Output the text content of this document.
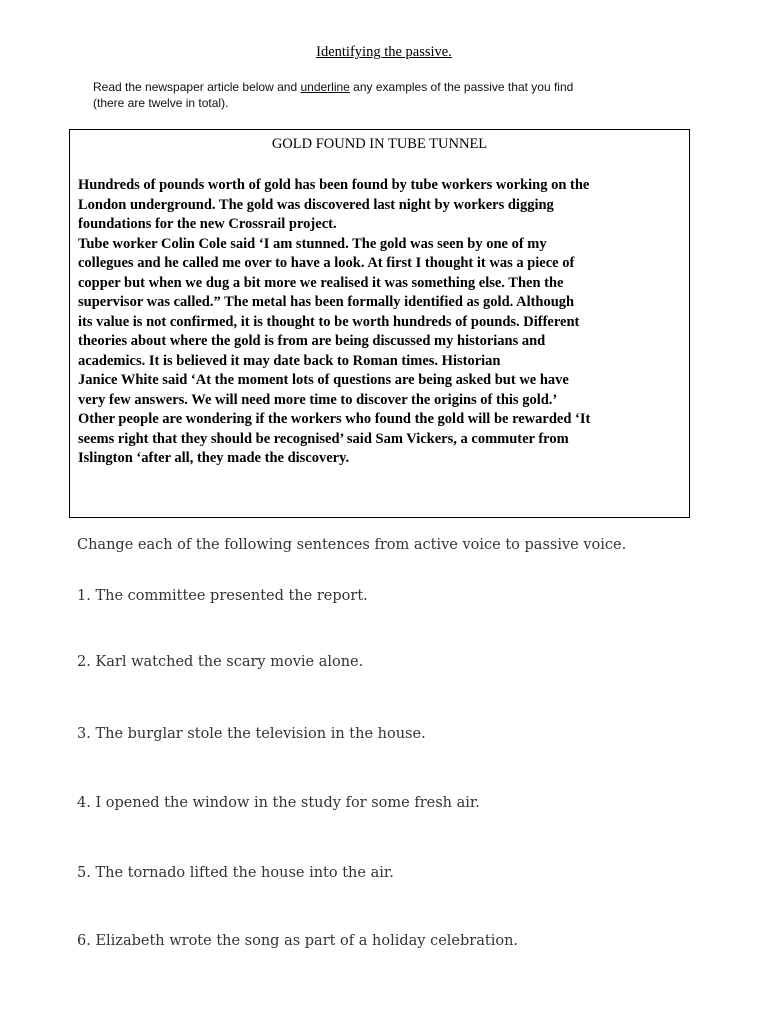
Identifying the passive.
Read the newspaper article below and underline any examples of the passive that you find
(there are twelve in total).
GOLD FOUND IN TUBE TUNNEL
Hundreds of pounds worth of gold has been found by tube workers working on the
London underground. The gold was discovered last night by workers digging
foundations for the new Crossrail project.
Tube worker Colin Cole said ‘I am stunned. The gold was seen by one of my
collegues and he called me over to have a look. At first I thought it was a piece of
copper but when we dug a bit more we realised it was something else. Then the
supervisor was called.” The metal has been formally identified as gold. Although
its value is not confirmed, it is thought to be worth hundreds of pounds. Different
theories about where the gold is from are being discussed my historians and
academics. It is believed it may date back to Roman times. Historian
Janice White said ‘At the moment lots of questions are being asked but we have
very few answers. We will need more time to discover the origins of this gold.’
Other people are wondering if the workers who found the gold will be rewarded ‘It
seems right that they should be recognised’ said Sam Vickers, a commuter from
Islington ‘after all, they made the discovery.
Change each of the following sentences from active voice to passive voice.
1. The committee presented the report.
2. Karl watched the scary movie alone.
3. The burglar stole the television in the house.
4. I opened the window in the study for some fresh air.
5. The tornado lifted the house into the air.
6. Elizabeth wrote the song as part of a holiday celebration.
